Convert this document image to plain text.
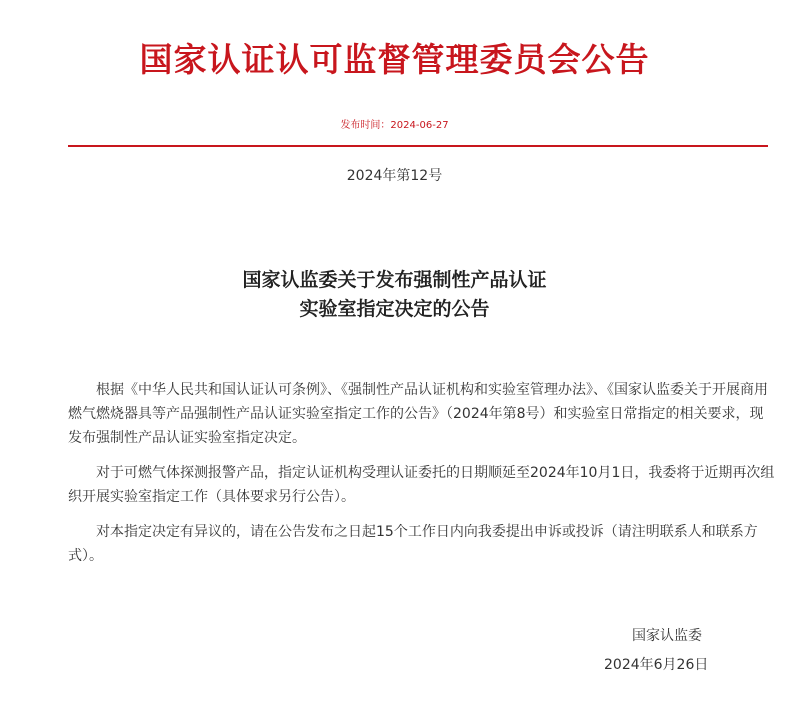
国家认证认可监督管理委员会公告
发布时间：2024-06-27
2024年第12号
国家认监委关于发布强制性产品认证
实验室指定决定的公告

根据《中华人民共和国认证认可条例》、《强制性产品认证机构和实验室管理办法》、《国家认监委关于开展商用燃气燃烧器具等产品强制性产品认证实验室指定工作的公告》（2024年第8号）和实验室日常指定的相关要求，现发布强制性产品认证实验室指定决定。

对于可燃气体探测报警产品，指定认证机构受理认证委托的日期顺延至2024年10月1日，我委将于近期再次组织开展实验室指定工作（具体要求另行公告）。

对本指定决定有异议的，请在公告发布之日起15个工作日内向我委提出申诉或投诉（请注明联系人和联系方式）。

国家认监委
2024年6月26日
